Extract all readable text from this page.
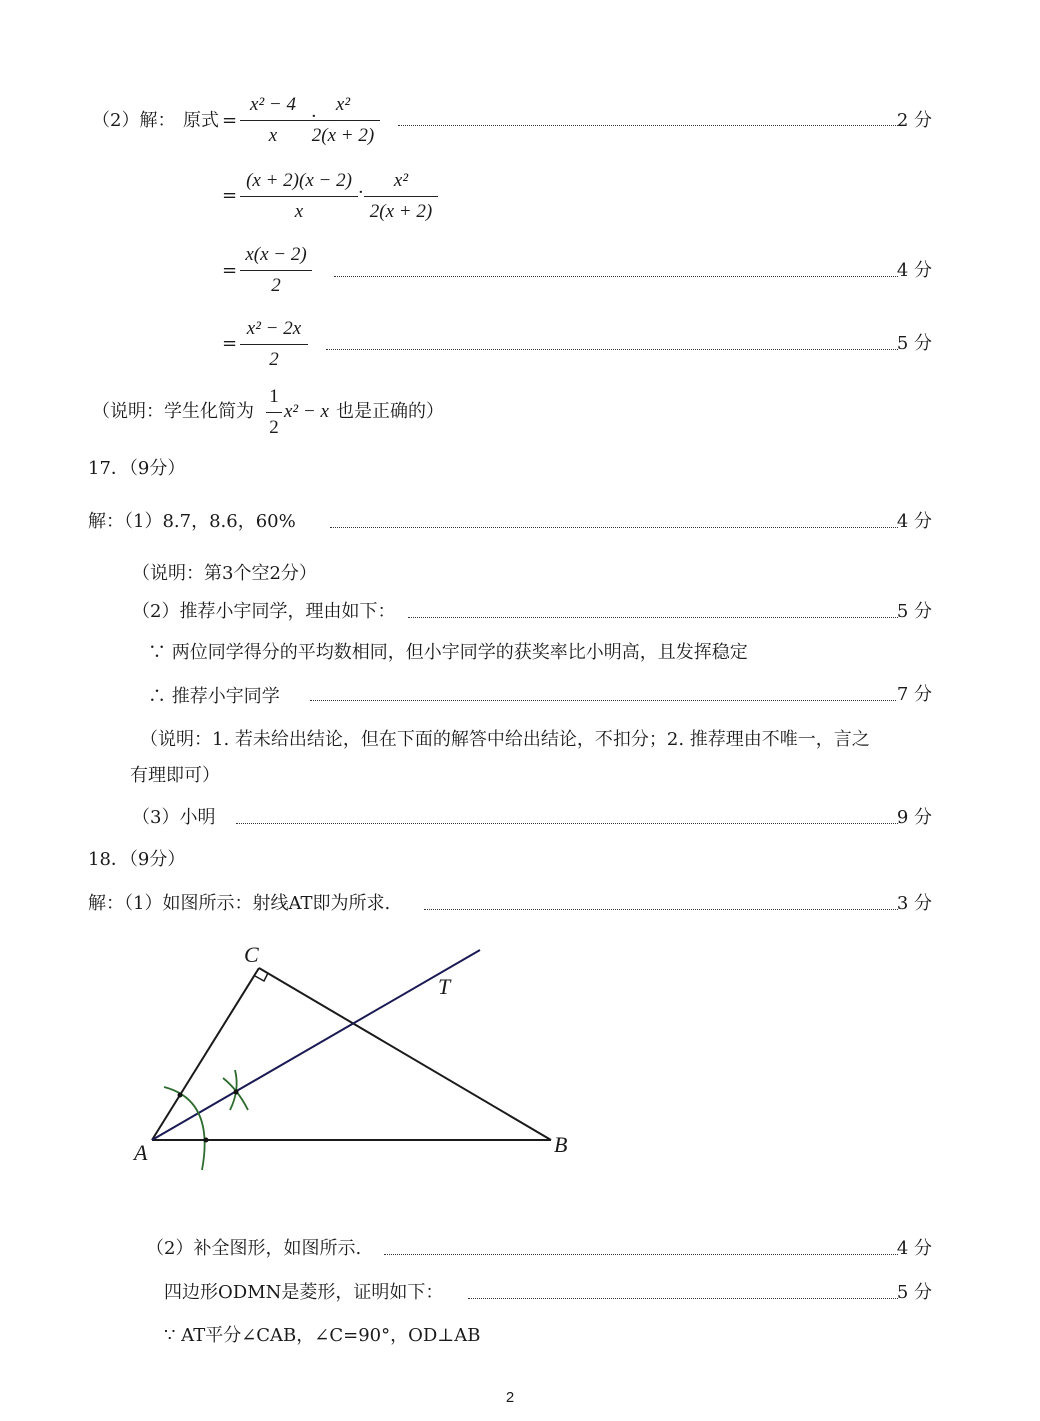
（2）解： 原式 =
x² − 4
x
·
x²
2(x + 2)
2 分
=
(x + 2)(x − 2)
x
·
x²
2(x + 2)
=
x(x − 2)
2
4 分
=
x² − 2x
2
5 分
（说明：学生化简为
1
2
x² − x 也是正确的）
17．（9分）
解：（1）8.7，8.6，60%	4 分
（说明：第3个空2分）
（2）推荐小宇同学，理由如下：	5 分
∵ 两位同学得分的平均数相同，但小宇同学的获奖率比小明高，且发挥稳定
∴ 推荐小宇同学	7 分
（说明：1. 若未给出结论，但在下面的解答中给出结论，不扣分；2. 推荐理由不唯一，言之
有理即可）
（3）小明	9 分
18．（9分）
解：（1）如图所示：射线AT即为所求.	3 分
C
T
A	B
（2）补全图形，如图所示.	4 分
四边形ODMN是菱形，证明如下：	5 分
∵ AT平分∠CAB，∠C=90°，OD⊥AB
2
